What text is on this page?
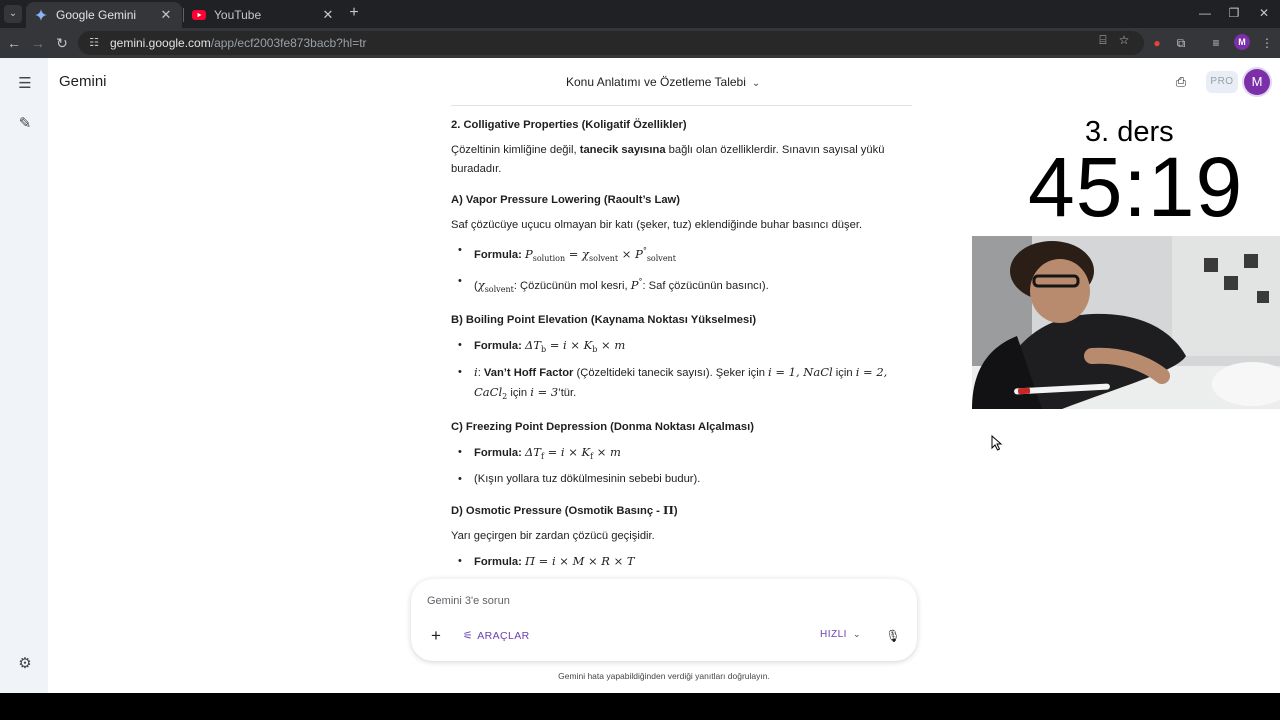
⌄	Google Gemini	✕	YouTube	✕ +	—	❐	✕
← → ↻	☷ gemini.google.com/app/ecf2003fe873bacb?hl=tr	⌸	☆	●	⧉	≡	M	⋮
☰
✎
⚙
Gemini	Konu Anlatımı ve Özetleme Talebi ⌄	⎙	PRO	M
2. Colligative Properties (Koligatif Özellikler)

Çözeltinin kimliğine değil, tanecik sayısına bağlı olan özelliklerdir. Sınavın sayısal yükü buradadır.

A) Vapor Pressure Lowering (Raoult’s Law)

Saf çözücüye uçucu olmayan bir katı (şeker, tuz) eklendiğinde buhar basıncı düşer.

• Formula: $P_{solution} = \chi_{solvent} \times P^\circ_{solvent}$
• ($\chi_{solvent}$: Çözücünün mol kesri, P°: Saf çözücünün basıncı).
B) Boiling Point Elevation (Kaynama Noktası Yükselmesi)
• Formula: $\Delta T_b = i \times K_b \times m$
• i: Van’t Hoff Factor (Çözeltideki tanecik sayısı). Şeker için i = 1, NaCl için i = 2, CaCl$_2$ için i = 3’tür.
C) Freezing Point Depression (Donma Noktası Alçalması)
• Formula: $\Delta T_f = i \times K_f \times m$
• (Kışın yollara tuz dökülmesinin sebebi budur).
D) Osmotic Pressure (Osmotik Basınç - Π)

Yarı geçirgen bir zardan çözücü geçişidir.

• Formula: Π = i × M × R × T
•
Gemini 3'e sorun
+	⚟ ARAÇLAR	HIZLI ⌄ 🎙
Gemini hata yapabildiğinden verdiği yanıtları doğrulayın.
3. ders
45:19
